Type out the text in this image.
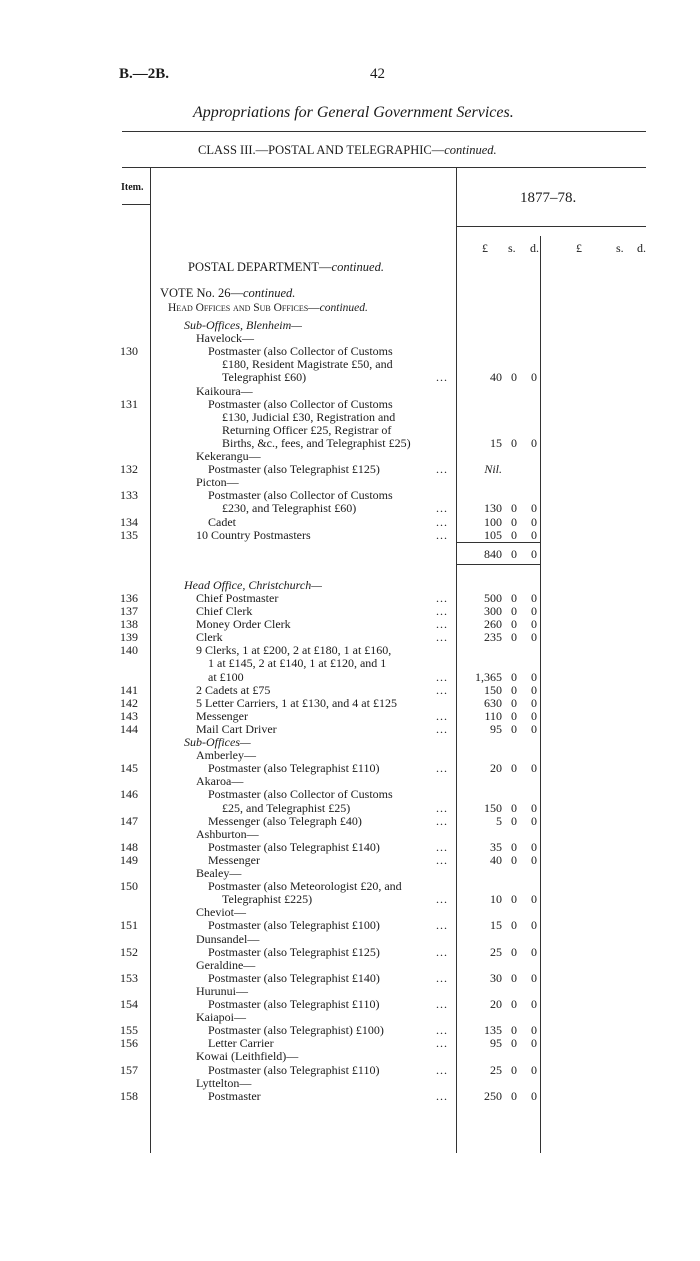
B.—2B.	42
Appropriations for General Government Services.
CLASS III.—POSTAL AND TELEGRAPHIC—continued.
Item.
1877–78.
£ s. d.	£	s. d.
POSTAL DEPARTMENT—continued.
VOTE No. 26—continued.
Head Offices and Sub Offices—continued.
Sub-Offices, Blenheim—
Havelock—
130	Postmaster (also Collector of Customs
£180, Resident Magistrate £50, and
Telegraphist £60)	...	40 0 0
Kaikoura—
131	Postmaster (also Collector of Customs
£130, Judicial £30, Registration and
Returning Officer £25, Registrar of
Births, &c., fees, and Telegraphist £25)	15 0 0
Kekerangu—
132	Postmaster (also Telegraphist £125)	...	Nil.
Picton—
133	Postmaster (also Collector of Customs
£230, and Telegraphist £60)	...	130 0 0
134	Cadet	...	100 0 0
135	10 Country Postmasters	...	105 0 0
840 0 0
Head Office, Christchurch—
136	Chief Postmaster	...	500 0 0
137	Chief Clerk	...	300 0 0
138	Money Order Clerk	...	260 0 0
139	Clerk	...	235 0 0
140	9 Clerks, 1 at £200, 2 at £180, 1 at £160,
1 at £145, 2 at £140, 1 at £120, and 1
at £100	...	1,365 0 0
141	2 Cadets at £75	...	150 0 0
142	5 Letter Carriers, 1 at £130, and 4 at £125	630 0 0
143	Messenger	...	110 0 0
144	Mail Cart Driver	...	95 0 0
Sub-Offices—
Amberley—
145	Postmaster (also Telegraphist £110)	...	20 0 0
Akaroa—
146	Postmaster (also Collector of Customs
£25, and Telegraphist £25)	...	150 0 0
147	Messenger (also Telegraph £40)	...	5 0 0
Ashburton—
148	Postmaster (also Telegraphist £140)	...	35 0 0
149	Messenger	...	40 0 0
Bealey—
150	Postmaster (also Meteorologist £20, and
Telegraphist £225)	...	10 0 0
Cheviot—
151	Postmaster (also Telegraphist £100)	...	15 0 0
Dunsandel—
152	Postmaster (also Telegraphist £125)	...	25 0 0
Geraldine—
153	Postmaster (also Telegraphist £140)	...	30 0 0
Hurunui—
154	Postmaster (also Telegraphist £110)	...	20 0 0
Kaiapoi—
155	Postmaster (also Telegraphist) £100)	...	135 0 0
156	Letter Carrier	...	95 0 0
Kowai (Leithfield)—
157	Postmaster (also Telegraphist £110)	...	25 0 0
Lyttelton—
158	Postmaster	...	250 0 0
